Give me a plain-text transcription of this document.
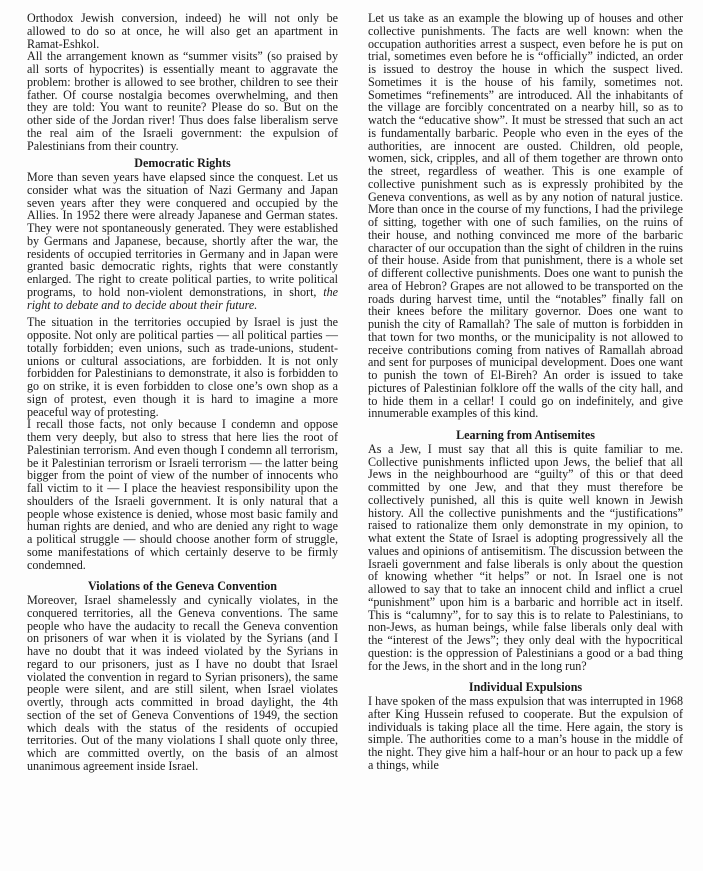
Orthodox Jewish conversion, indeed) he will not only be allowed to do so at once, he will also get an apartment in Ramat-Eshkol.

All the arrangement known as “summer visits” (so praised by all sorts of hypocrites) is essentially meant to aggravate the problem: brother is allowed to see brother, children to see their father. Of course nostalgia becomes overwhelming, and then they are told: You want to reunite? Please do so. But on the other side of the Jordan river! Thus does false liberalism serve the real aim of the Israeli government: the expulsion of Palestinians from their country.

Democratic Rights

More than seven years have elapsed since the conquest. Let us consider what was the situation of Nazi Germany and Japan seven years after they were conquered and occupied by the Allies. In 1952 there were already Japanese and German states. They were not spontaneously generated. They were established by Germans and Japanese, because, shortly after the war, the residents of occupied territories in Germany and in Japan were granted basic democratic rights, rights that were constantly enlarged. The right to create political parties, to write political programs, to hold non-violent demonstrations, in short, the right to debate and to decide about their future.

The situation in the territories occupied by Israel is just the opposite. Not only are political parties — all political parties — totally forbidden; even unions, such as trade-unions, student-unions or cultural associations, are forbidden. It is not only forbidden for Palestinians to demonstrate, it also is forbidden to go on strike, it is even forbidden to close one’s own shop as a sign of protest, even though it is hard to imagine a more peaceful way of protesting.

I recall those facts, not only because I condemn and oppose them very deeply, but also to stress that here lies the root of Palestinian terrorism. And even though I condemn all terrorism, be it Palestinian terrorism or Israeli terrorism — the latter being bigger from the point of view of the number of innocents who fall victim to it — I place the heaviest responsibility upon the shoulders of the Israeli government. It is only natural that a people whose existence is denied, whose most basic family and human rights are denied, and who are denied any right to wage a political struggle — should choose another form of struggle, some manifestations of which certainly deserve to be firmly condemned.

Violations of the Geneva Convention

Moreover, Israel shamelessly and cynically violates, in the conquered territories, all the Geneva conventions. The same people who have the audacity to recall the Geneva convention on prisoners of war when it is violated by the Syrians (and I have no doubt that it was indeed violated by the Syrians in regard to our prisoners, just as I have no doubt that Israel violated the convention in regard to Syrian prisoners), the same people were silent, and are still silent, when Israel violates overtly, through acts committed in broad daylight, the 4th section of the set of Geneva Conventions of 1949, the section which deals with the status of the residents of occupied territories. Out of the many violations I shall quote only three, which are committed overtly, on the basis of an almost unanimous agreement inside Israel.

Let us take as an example the blowing up of houses and other collective punishments. The facts are well known: when the occupation authorities arrest a suspect, even before he is put on trial, sometimes even before he is “officially” indicted, an order is issued to destroy the house in which the suspect lived. Sometimes it is the house of his family, sometimes not. Sometimes “refinements” are introduced. All the inhabitants of the village are forcibly concentrated on a nearby hill, so as to watch the “educative show”. It must be stressed that such an act is fundamentally barbaric. People who even in the eyes of the authorities, are innocent are ousted. Children, old people, women, sick, cripples, and all of them together are thrown onto the street, regardless of weather. This is one example of collective punishment such as is expressly prohibited by the Geneva conventions, as well as by any notion of natural justice. More than once in the course of my functions, I had the privilege of sitting, together with one of such families, on the ruins of their house, and nothing convinced me more of the barbaric character of our occupation than the sight of children in the ruins of their house. Aside from that punishment, there is a whole set of different collective punishments. Does one want to punish the area of Hebron? Grapes are not allowed to be transported on the roads during harvest time, until the “notables” finally fall on their knees before the military governor. Does one want to punish the city of Ramallah? The sale of mutton is forbidden in that town for two months, or the municipality is not allowed to receive contributions coming from natives of Ramallah abroad and sent for purposes of municipal development. Does one want to punish the town of El-Bireh? An order is issued to take pictures of Palestinian folklore off the walls of the city hall, and to hide them in a cellar! I could go on indefinitely, and give innumerable examples of this kind.

Learning from Antisemites

As a Jew, I must say that all this is quite familiar to me. Collective punishments inflicted upon Jews, the belief that all Jews in the neighbourhood are “guilty” of this or that deed committed by one Jew, and that they must therefore be collectively punished, all this is quite well known in Jewish history. All the collective punishments and the “justifications” raised to rationalize them only demonstrate in my opinion, to what extent the State of Israel is adopting progressively all the values and opinions of antisemitism. The discussion between the Israeli government and false liberals is only about the question of knowing whether “it helps” or not. In Israel one is not allowed to say that to take an innocent child and inflict a cruel “punishment” upon him is a barbaric and horrible act in itself. This is “calumny”, for to say this is to relate to Palestinians, to non-Jews, as human beings, while false liberals only deal with the “interest of the Jews”; they only deal with the hypocritical question: is the oppression of Palestinians a good or a bad thing for the Jews, in the short and in the long run?

Individual Expulsions

I have spoken of the mass expulsion that was interrupted in 1968 after King Hussein refused to cooperate. But the expulsion of individuals is taking place all the time. Here again, the story is simple. The authorities come to a man’s house in the middle of the night. They give him a half-hour or an hour to pack up a few a things, while
